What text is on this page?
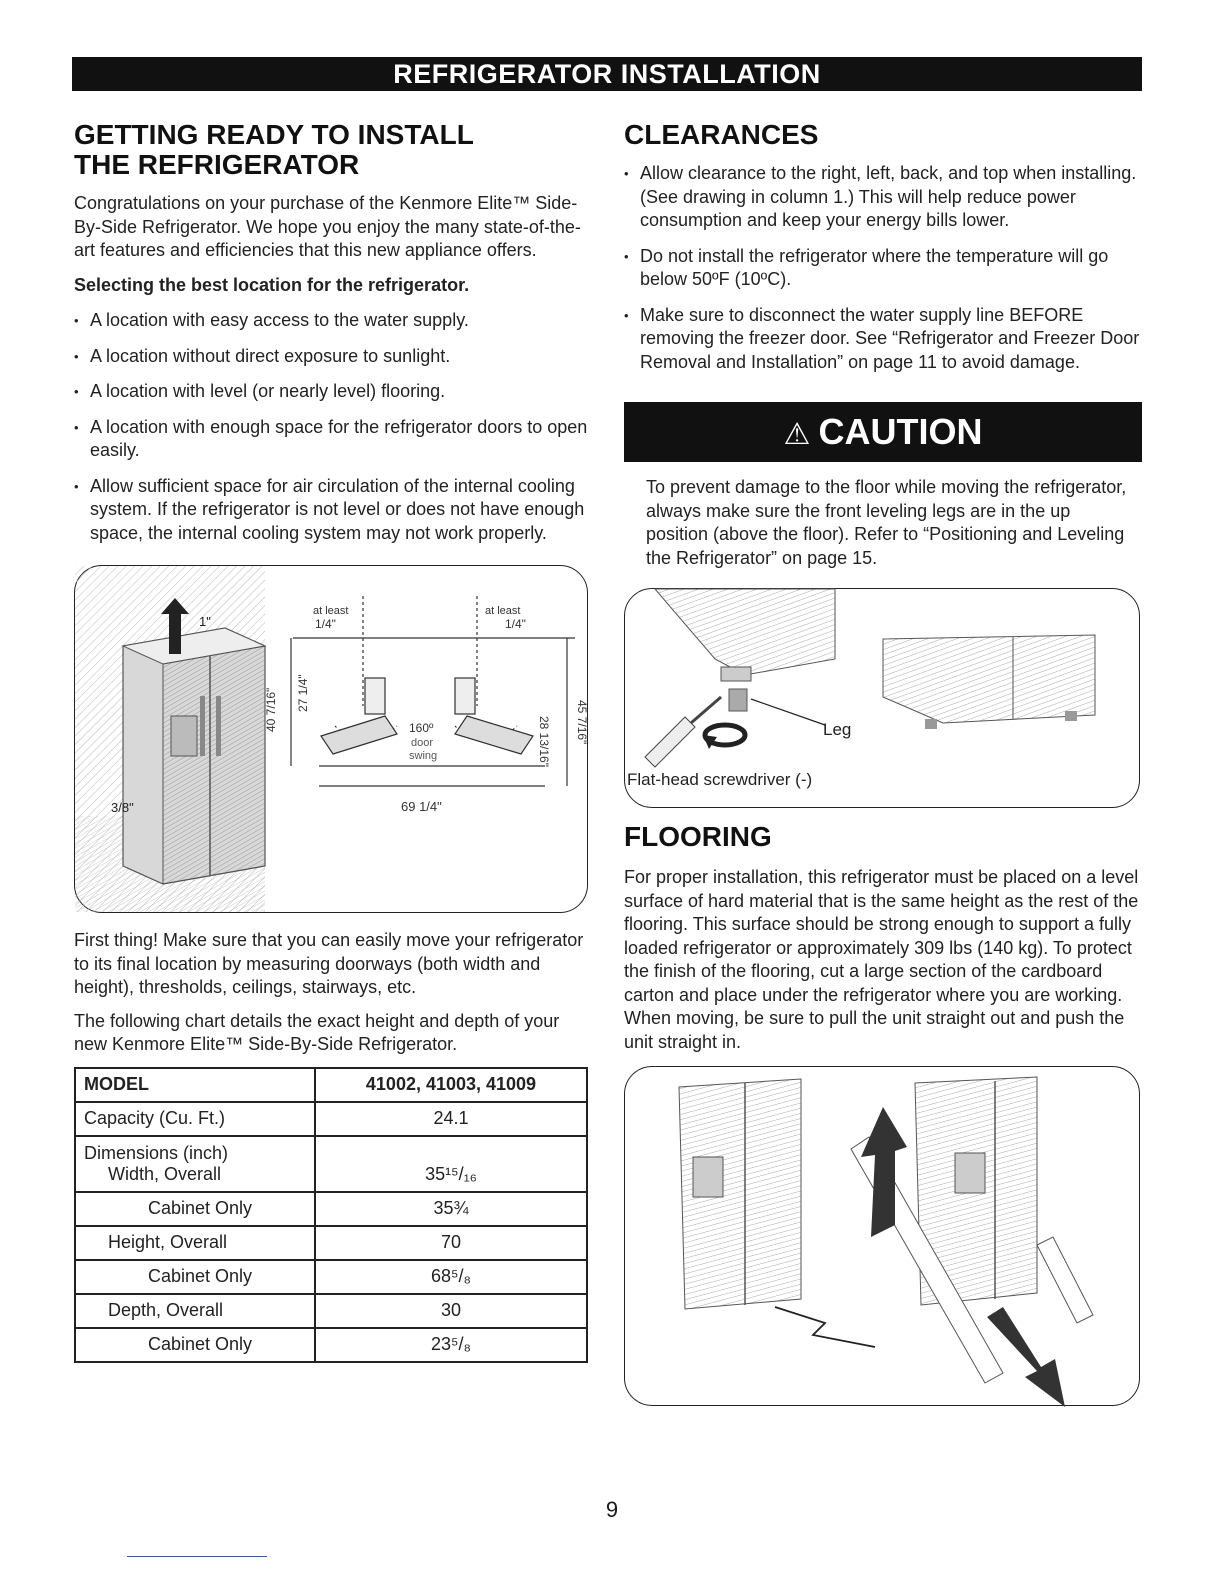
REFRIGERATOR INSTALLATION
GETTING READY TO INSTALL
THE REFRIGERATOR

Congratulations on your purchase of the Kenmore Elite™ Side-By-Side Refrigerator. We hope you enjoy the many state-of-the-art features and efficiencies that this new appliance offers.

Selecting the best location for the refrigerator.

• A location with easy access to the water supply.
• A location without direct exposure to sunlight.
• A location with level (or nearly level) flooring.
• A location with enough space for the refrigerator doors to open easily.
• Allow sufficient space for air circulation of the internal cooling system. If the refrigerator is not level or does not have enough space, the internal cooling system may not work properly.
1"
3/8"
at least
1/4"
at least
1/4"
40 7/16" 27 1/4"
28 13/16" 45 7/16"
160º
door
swing
69 1/4"

First thing! Make sure that you can easily move your refrigerator to its final location by measuring doorways (both width and height), thresholds, ceilings, stairways, etc.

The following chart details the exact height and depth of your new Kenmore Elite™ Side-By-Side Refrigerator.

MODEL	41002, 41003, 41009
Capacity (Cu. Ft.)	24.1
Dimensions (inch)
Width, Overall	35¹⁵/₁₆
Cabinet Only	35¾
Height, Overall	70
Cabinet Only	68⁵/₈
Depth, Overall	30
Cabinet Only	23⁵/₈
CLEARANCES
• Allow clearance to the right, left, back, and top when installing. (See drawing in column 1.) This will help reduce power consumption and keep your energy bills lower.
• Do not install the refrigerator where the temperature will go below 50ºF (10ºC).
• Make sure to disconnect the water supply line BEFORE removing the freezer door. See “Refrigerator and Freezer Door Removal and Installation” on page 11 to avoid damage.
⚠ CAUTION

To prevent damage to the floor while moving the refrigerator, always make sure the front leveling legs are in the up position (above the floor). Refer to “Positioning and Leveling the Refrigerator” on page 15.

Leg
Flat-head screwdriver (-)
FLOORING

For proper installation, this refrigerator must be placed on a level surface of hard material that is the same height as the rest of the flooring. This surface should be strong enough to support a fully loaded refrigerator or approximately 309 lbs (140 kg). To protect the finish of the flooring, cut a large section of the cardboard carton and place under the refrigerator where you are working. When moving, be sure to pull the unit straight out and push the unit straight in.

9
